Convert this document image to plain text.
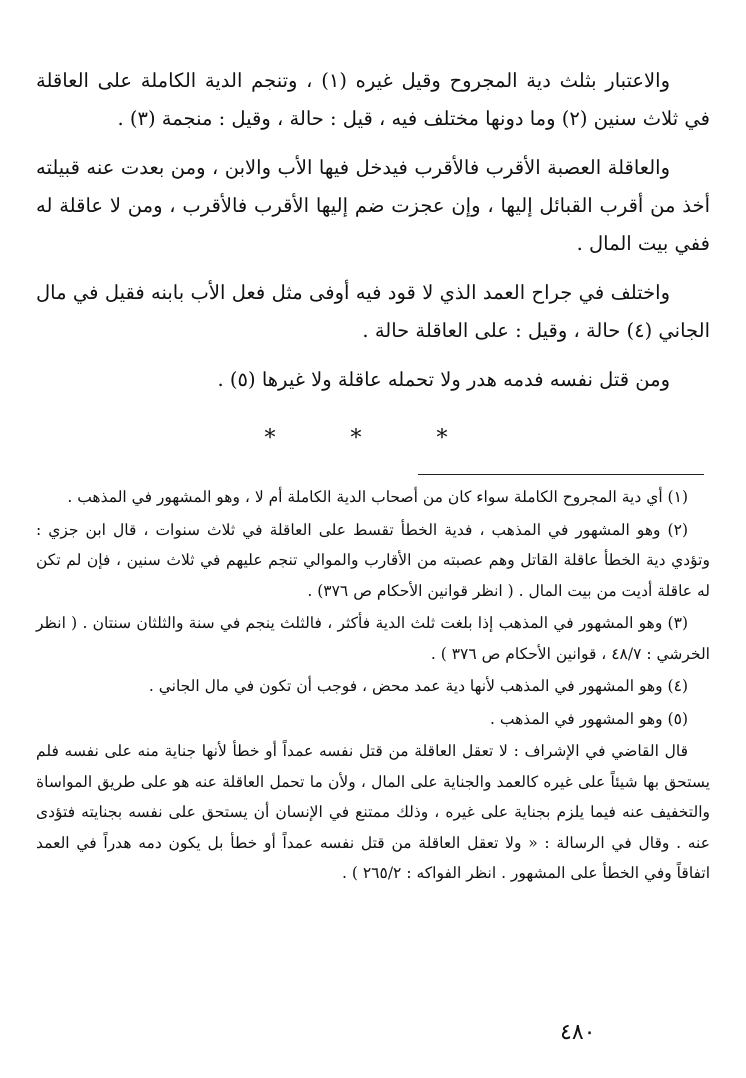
والاعتبار بثلث دية المجروح وقيل غيره (١) ، وتنجم الدية الكاملة على العاقلة في ثلاث سنين (٢) وما دونها مختلف فيه ، قيل : حالة ، وقيل : منجمة (٣) .

والعاقلة العصبة الأقرب فالأقرب فيدخل فيها الأب والابن ، ومن بعدت عنه قبيلته أخذ من أقرب القبائل إليها ، وإن عجزت ضم إليها الأقرب فالأقرب ، ومن لا عاقلة له ففي بيت المال .

واختلف في جراح العمد الذي لا قود فيه أوفى مثل فعل الأب بابنه فقيل في مال الجاني (٤) حالة ، وقيل : على العاقلة حالة .

ومن قتل نفسه فدمه هدر ولا تحمله عاقلة ولا غيرها (٥) .

* * *

(١) أي دية المجروح الكاملة سواء كان من أصحاب الدية الكاملة أم لا ، وهو المشهور في المذهب .

(٢) وهو المشهور في المذهب ، فدية الخطأ تقسط على العاقلة في ثلاث سنوات ، قال ابن جزي : وتؤدي دية الخطأ عاقلة القاتل وهم عصبته من الأقارب والموالي تنجم عليهم في ثلاث سنين ، فإن لم تكن له عاقلة أديت من بيت المال . ( انظر قوانين الأحكام ص ٣٧٦) .

(٣) وهو المشهور في المذهب إذا بلغت ثلث الدية فأكثر ، فالثلث ينجم في سنة والثلثان سنتان . ( انظر الخرشي : ٤٨/٧ ، قوانين الأحكام ص ٣٧٦ ) .

(٤) وهو المشهور في المذهب لأنها دية عمد محض ، فوجب أن تكون في مال الجاني .

(٥) وهو المشهور في المذهب .

قال القاضي في الإشراف : لا تعقل العاقلة من قتل نفسه عمداً أو خطأ لأنها جناية منه على نفسه فلم يستحق بها شيئاً على غيره كالعمد والجناية على المال ، ولأن ما تحمل العاقلة عنه هو على طريق المواساة والتخفيف عنه فيما يلزم بجناية على غيره ، وذلك ممتنع في الإنسان أن يستحق على نفسه بجنايته فتؤدى عنه . وقال في الرسالة : « ولا تعقل العاقلة من قتل نفسه عمداً أو خطأ بل يكون دمه هدراً في العمد اتفاقاً وفي الخطأ على المشهور . انظر الفواكه : ٢٦٥/٢ ) .

٤٨٠
